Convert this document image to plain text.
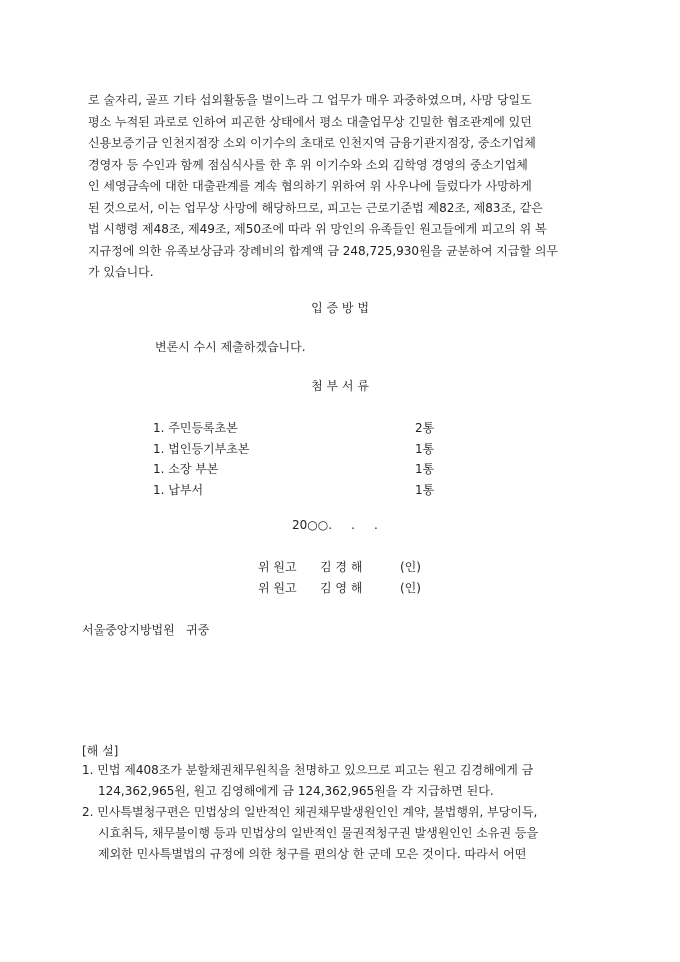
로 술자리, 골프 기타 섭외활동을 벌이느라 그 업무가 매우 과중하였으며, 사망 당일도
평소 누적된 과로로 인하여 피곤한 상태에서 평소 대출업무상 긴밀한 협조관계에 있던
신용보증기금 인천지점장 소외 이기수의 초대로 인천지역 금융기관지점장, 중소기업체
경영자 등 수인과 함께 점심식사를 한 후 위 이기수와 소외 김학영 경영의 중소기업체
인 세영금속에 대한 대출관계를 계속 협의하기 위하여 위 사우나에 들렀다가 사망하게
된 것으로서, 이는 업무상 사망에 해당하므로, 피고는 근로기준법 제82조, 제83조, 같은
법 시행령 제48조, 제49조, 제50조에 따라 위 망인의 유족들인 원고들에게 피고의 위 복
지규정에 의한 유족보상금과 장례비의 합계액 금 248,725,930원을 균분하여 지급할 의무
가 있습니다.
입 증 방 법
변론시 수시 제출하겠습니다.
첨 부 서 류
1. 주민등록초본	2통
1. 법인등기부초본	1통
1. 소장 부본	1통
1. 납부서	1통
20○○.     .     .
위 원고 김 경 해	(인)
위 원고 김 영 해	(인)
서울중앙지방법원   귀중
[해 설]
1. 민법 제408조가 분할채권채무원칙을 천명하고 있으므로 피고는 원고 김경해에게 금
124,362,965원, 원고 김영해에게 금 124,362,965원을 각 지급하면 된다.
2. 민사특별청구편은 민법상의 일반적인 채권채무발생원인인 계약, 불법행위, 부당이득,
시효취득, 채무불이행 등과 민법상의 일반적인 물권적청구권 발생원인인 소유권 등을
제외한 민사특별법의 규정에 의한 청구를 편의상 한 군데 모은 것이다. 따라서 어떤
